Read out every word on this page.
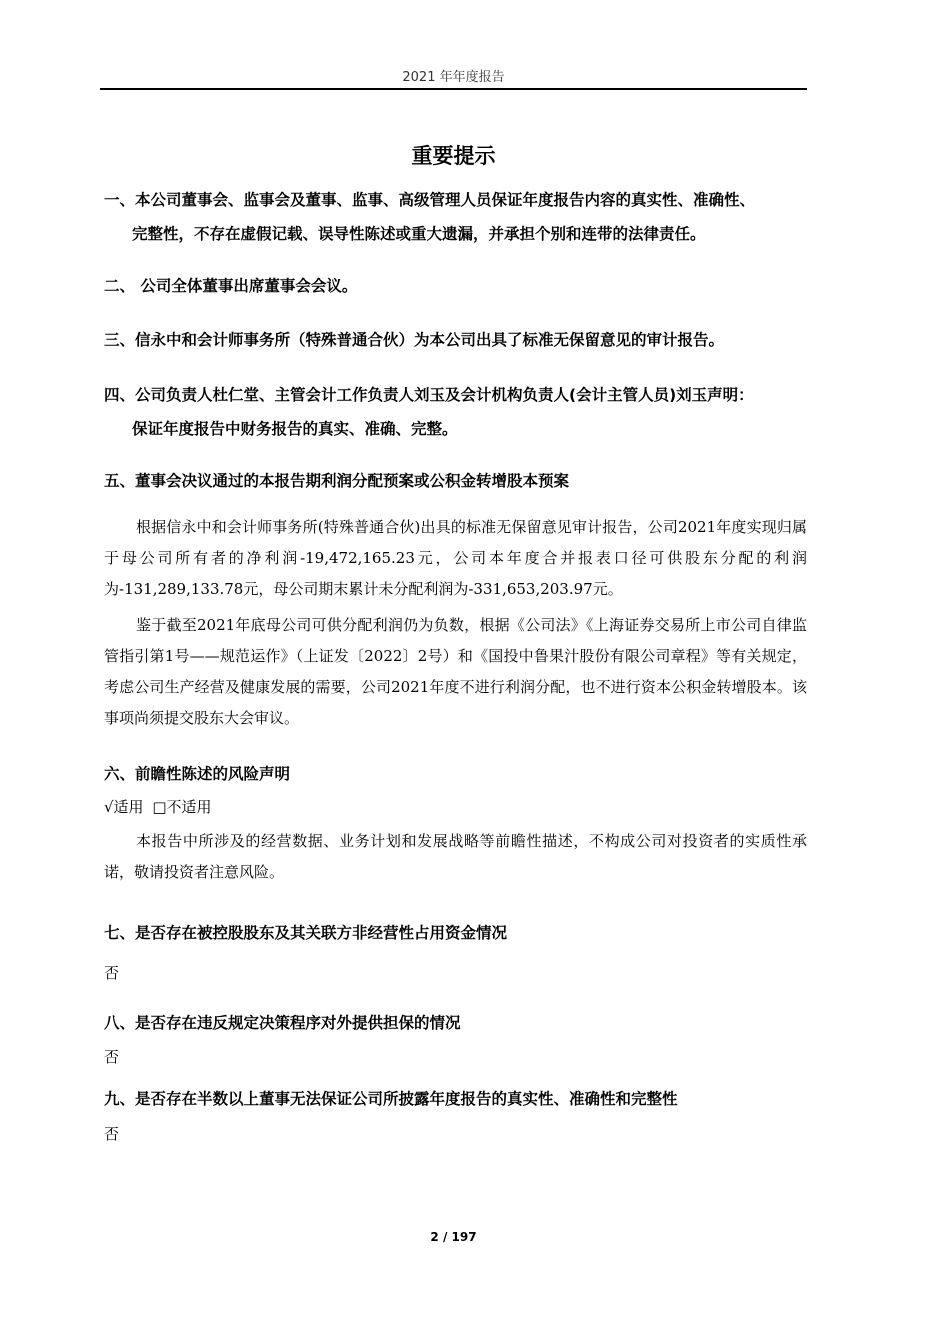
2021 年年度报告
重要提示
一、本公司董事会、监事会及董事、监事、高级管理人员保证年度报告内容的真实性、准确性、
完整性，不存在虚假记载、误导性陈述或重大遗漏，并承担个别和连带的法律责任。
二、 公司全体董事出席董事会会议。
三、信永中和会计师事务所（特殊普通合伙）为本公司出具了标准无保留意见的审计报告。
四、公司负责人杜仁堂、主管会计工作负责人刘玉及会计机构负责人(会计主管人员)刘玉声明：
保证年度报告中财务报告的真实、准确、完整。
五、董事会决议通过的本报告期利润分配预案或公积金转增股本预案
根据信永中和会计师事务所(特殊普通合伙)出具的标准无保留意见审计报告，公司2021年度实现归属于母公司所有者的净利润-19,472,165.23元，公司本年度合并报表口径可供股东分配的利润为-131,289,133.78元，母公司期末累计未分配利润为-331,653,203.97元。
鉴于截至2021年底母公司可供分配利润仍为负数，根据《公司法》《上海证券交易所上市公司自律监管指引第1号——规范运作》（上证发〔2022〕2号）和《国投中鲁果汁股份有限公司章程》等有关规定，考虑公司生产经营及健康发展的需要，公司2021年度不进行利润分配，也不进行资本公积金转增股本。该事项尚须提交股东大会审议。
六、前瞻性陈述的风险声明
√适用 □不适用
本报告中所涉及的经营数据、业务计划和发展战略等前瞻性描述，不构成公司对投资者的实质性承诺，敬请投资者注意风险。
七、是否存在被控股股东及其关联方非经营性占用资金情况
否
八、是否存在违反规定决策程序对外提供担保的情况
否
九、是否存在半数以上董事无法保证公司所披露年度报告的真实性、准确性和完整性
否
2 / 197
